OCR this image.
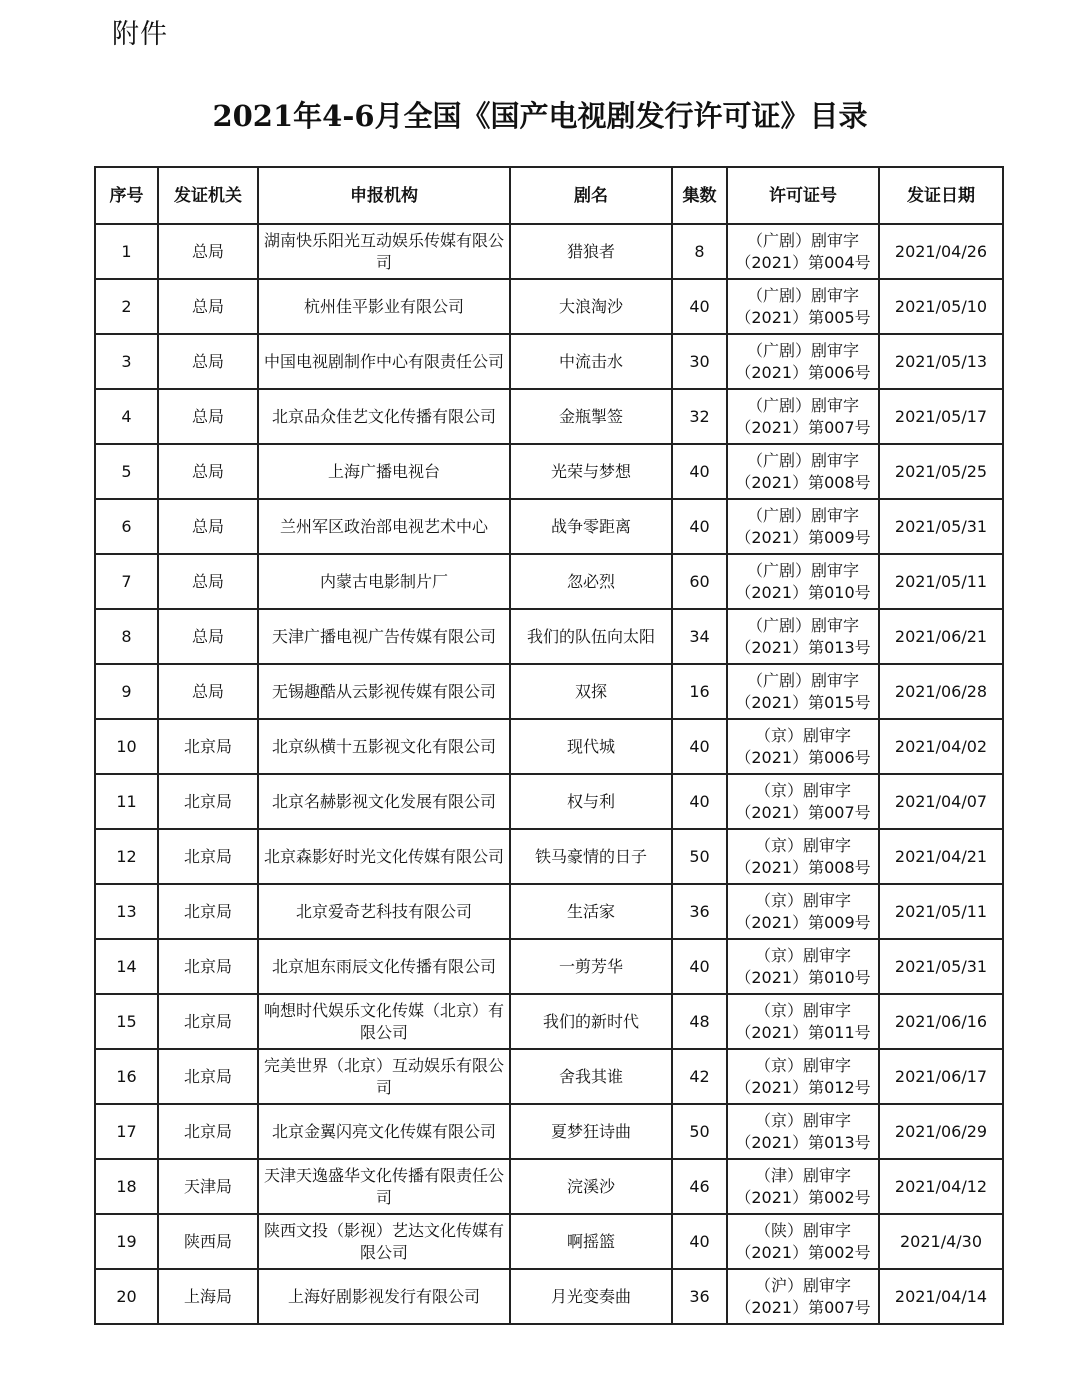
附件
2021年4-6月全国《国产电视剧发行许可证》目录
序号	发证机关	申报机构	剧名	集数	许可证号	发证日期
1	总局	湖南快乐阳光互动娱乐传媒有限公司	猎狼者	8	（广剧）剧审字
（2021）第004号	2021/04/26
2	总局	杭州佳平影业有限公司	大浪淘沙	40	（广剧）剧审字
（2021）第005号	2021/05/10
3	总局	中国电视剧制作中心有限责任公司	中流击水	30	（广剧）剧审字
（2021）第006号	2021/05/13
4	总局	北京品众佳艺文化传播有限公司	金瓶掣签	32	（广剧）剧审字
（2021）第007号	2021/05/17
5	总局	上海广播电视台	光荣与梦想	40	（广剧）剧审字
（2021）第008号	2021/05/25
6	总局	兰州军区政治部电视艺术中心	战争零距离	40	（广剧）剧审字
（2021）第009号	2021/05/31
7	总局	内蒙古电影制片厂	忽必烈	60	（广剧）剧审字
（2021）第010号	2021/05/11
8	总局	天津广播电视广告传媒有限公司	我们的队伍向太阳	34	（广剧）剧审字
（2021）第013号	2021/06/21
9	总局	无锡趣酷从云影视传媒有限公司	双探	16	（广剧）剧审字
（2021）第015号	2021/06/28
10	北京局	北京纵横十五影视文化有限公司	现代城	40	（京）剧审字
（2021）第006号	2021/04/02
11	北京局	北京名赫影视文化发展有限公司	权与利	40	（京）剧审字
（2021）第007号	2021/04/07
12	北京局	北京森影好时光文化传媒有限公司	铁马豪情的日子	50	（京）剧审字
（2021）第008号	2021/04/21
13	北京局	北京爱奇艺科技有限公司	生活家	36	（京）剧审字
（2021）第009号	2021/05/11
14	北京局	北京旭东雨辰文化传播有限公司	一剪芳华	40	（京）剧审字
（2021）第010号	2021/05/31
15	北京局	响想时代娱乐文化传媒（北京）有限公司	我们的新时代	48	（京）剧审字
（2021）第011号	2021/06/16
16	北京局	完美世界（北京）互动娱乐有限公司	舍我其谁	42	（京）剧审字
（2021）第012号	2021/06/17
17	北京局	北京金翼闪亮文化传媒有限公司	夏梦狂诗曲	50	（京）剧审字
（2021）第013号	2021/06/29
18	天津局	天津天逸盛华文化传播有限责任公司	浣溪沙	46	（津）剧审字
（2021）第002号	2021/04/12
19	陕西局	陕西文投（影视）艺达文化传媒有限公司	啊摇篮	40	（陕）剧审字
（2021）第002号	2021/4/30
20	上海局	上海好剧影视发行有限公司	月光变奏曲	36	（沪）剧审字
（2021）第007号	2021/04/14
